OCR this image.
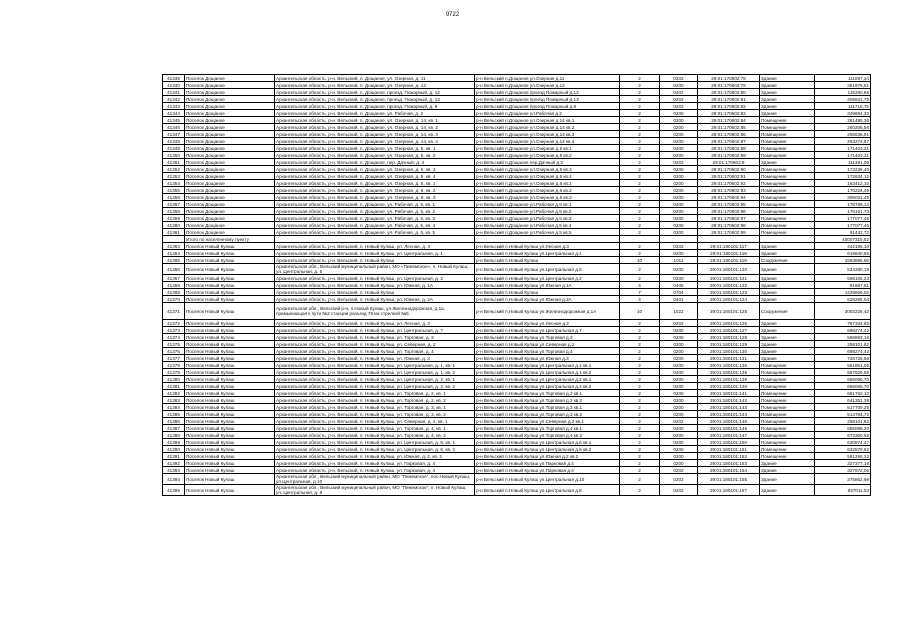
9722
41339	Поселок Дощаное	Архангельская область, р-н. Вельский, п. Дощаное, ул. Озерная, д. 11	р-н Вельский п.Дощаное ул.Озерная д.11	2	0202	29:01:170602:78	Здание	111097,24
41340	Поселок Дощаное	Архангельская область, р-н. Вельский, п. Дощаное, ул. Озерная, д. 12	р-н Вельский п.Дощаное ул.Озерная д.12	2	0200	29:01:170602:79	Здание	351975,51
41341	Поселок Дощаное	Архангельская область, р-н. Вельский, п. Дощаное, проезд. Пожарный, д. 12	р-н Вельский п.Дощаное проезд Пожарный д.12	2	0202	29:01:170602:80	Здание	116280,86
41342	Поселок Дощаное	Архангельская область, р-н. Вельский, п. Дощаное, проезд. Пожарный, д. 13	р-н Вельский п.Дощаное проезд Пожарный д.13	2	0202	29:01:170602:81	Здание	405831,79
41343	Поселок Дощаное	Архангельская область, р-н. Вельский, п. Дощаное, проезд. Пожарный, д. 8	р-н Вельский п.Дощаное проезд Пожарный д.8	2	0202	29:01:170602:82	Здание	111715,75
41344	Поселок Дощаное	Архангельская область, р-н. Вельский, п. Дощаное, ул. Рабочая, д. 2	р-н Вельский п.Дощаное ул.Рабочая д.2	2	0200	29:01:170602:83	Здание	349694,33
41345	Поселок Дощаное	Архангельская область, р-н. Вельский, п. Дощаное, ул. Озерная, д. 14, кв. 1	р-н Вельский п.Дощаное ул.Озерная д.14 кв.1	2	0200	29:01:170602:84	Помещение	261495,36
41346	Поселок Дощаное	Архангельская область, р-н. Вельский, п. Дощаное, ул. Озерная, д. 14, кв. 2	р-н Вельский п.Дощаное ул.Озерная д.14 кв.2	2	0200	29:01:170602:85	Помещение	260206,56
41347	Поселок Дощаное	Архангельская область, р-н. Вельский, п. Дощаное, ул. Озерная, д. 14, кв. 3	р-н Вельский п.Дощаное ул.Озерная д.14 кв.3	2	0200	29:01:170602:86	Помещение	265636,91
41348	Поселок Дощаное	Архангельская область, р-н. Вельский, п. Дощаное, ул. Озерная, д. 14, кв. 4	р-н Вельский п.Дощаное ул.Озерная д.14 кв.4	2	0200	29:01:170602:87	Помещение	263273,67
41349	Поселок Дощаное	Архангельская область, р-н. Вельский, п. Дощаное, ул. Озерная, д. 5, кв. 1	р-н Вельский п.Дощаное ул.Озерная д.5 кв.1	2	0200	29:01:170602:88	Помещение	171403,31
41350	Поселок Дощаное	Архангельская область, р-н. Вельский, п. Дощаное, ул. Озерная, д. 5, кв. 2	р-н Вельский п.Дощаное ул.Озерная д.5 кв.2	2	0200	29:01:170602:89	Помещение	171403,31
41351	Поселок Дощаное	Архангельская область, р-н. Вельский, п. Дощаное, пер. Дачный, д. 3	р-н Вельский п.Дощаное пер.Дачный д.3	2	0202	29:01:170602:9	Здание	111391,09
41352	Поселок Дощаное	Архангельская область, р-н. Вельский, п. Дощаное, ул. Озерная, д. 5, кв. 3	р-н Вельский п.Дощаное ул.Озерная д.5 кв.3	2	0200	29:01:170602:90	Помещение	173236,40
41353	Поселок Дощаное	Архангельская область, р-н. Вельский, п. Дощаное, ул. Озерная, д. 5, кв. 4	р-н Вельский п.Дощаное ул.Озерная д.5 кв.4	2	0200	29:01:170602:91	Помещение	172634,12
41354	Поселок Дощаное	Архангельская область, р-н. Вельский, п. Дощаное, ул. Озерная, д. 6, кв. 1	р-н Вельский п.Дощаное ул.Озерная д.6 кв.1	2	0200	29:01:170602:92	Помещение	163412,10
41355	Поселок Дощаное	Архангельская область, р-н. Вельский, п. Дощаное, ул. Озерная, д. 6, кв. 2	р-н Вельский п.Дощаное ул.Озерная д.6 кв.2	2	0200	29:01:170602:93	Помещение	170224,49
41356	Поселок Дощаное	Архангельская область, р-н. Вельский, п. Дощаное, ул. Озерная, д. 6, кв. 3	р-н Вельский п.Дощаное ул.Озерная д.6 кв.3	2	0200	29:01:170602:94	Помещение	305031,45
41357	Поселок Дощаное	Архангельская область, р-н. Вельский, п. Дощаное, ул. Рабочая, д. 5, кв. 1	р-н Вельский п.Дощаное ул.Рабочая д.5 кв.1	2	0200	29:01:170602:95	Помещение	179789,14
41358	Поселок Дощаное	Архангельская область, р-н. Вельский, п. Дощаное, ул. Рабочая, д. 5, кв. 2	р-н Вельский п.Дощаное ул.Рабочая д.5 кв.2	2	0200	29:01:170602:96	Помещение	176161,73
41359	Поселок Дощаное	Архангельская область, р-н. Вельский, п. Дощаное, ул. Рабочая, д. 5, кв. 3	р-н Вельский п.Дощаное ул.Рабочая д.5 кв.3	2	0200	29:01:170602:97	Помещение	177077,46
41360	Поселок Дощаное	Архангельская область, р-н. Вельский, п. Дощаное, ул. Рабочая, д. 5, кв. 4	р-н Вельский п.Дощаное ул.Рабочая д.5 кв.4	2	0200	29:01:170602:98	Помещение	177077,46
41361	Поселок Дощаное	Архангельская область, р-н. Вельский, п. Дощаное, ул. Рабочая, д. 5, кв. 5	р-н Вельский п.Дощаное ул.Рабочая д.5 кв.5	2	0200	29:01:170602:99	Помещение	91442,73
	Итого по населенному пункту							40007315,62
41363	Поселок Новый Кулаш	Архангельская область, р-н. Вельский, п. Новый Кулаш, ул. Лесная, д. 3	р-н Вельский п.Новый Кулаш ул.Лесная д.3	2	0202	29:01:180101:117	Здание	442185,10
41364	Поселок Новый Кулаш	Архангельская область, р-н. Вельский, п. Новый Кулаш, ул. Центральная, д. 1	р-н Вельский п.Новый Кулаш ул.Центральная д.1	2	0200	29:01:180101:118	Здание	619840,55
41365	Поселок Новый Кулаш	Архангельская область, р-н. Вельский, п. Новый Кулаш	р-н Вельский п.Новый Кулаш	10	1011	29:01:180101:119	Сооружение	1563885,66
41366	Поселок Новый Кулаш	Архангельская обл., Вельский муниципальный район, МО «Пежемское», п. Новый Кулаш, ул. Центральная, д. 5	р-н Вельский п.Новый Кулаш ул.Центральная д.5	2	0200	29:01:180101:120	Здание	534280,19
41367	Поселок Новый Кулаш	Архангельская область, р-н. Вельский, п. Новый Кулаш, ул. Центральная, д. 2	р-н Вельский п.Новый Кулаш ул.Центральная д.2	2	0200	29:01:180101:121	Здание	596105,23
41368	Поселок Новый Кулаш	Архангельская область, р-н. Вельский, п. Новый Кулаш, ул. Южная, д. 1А	р-н Вельский п.Новый Кулаш ул.Южная д.1А	4	0405	29:01:180101:122	Здание	81687,81
41369	Поселок Новый Кулаш	Архангельская область, р-н. Вельский, п. Новый Кулаш	р-н Вельский п.Новый Кулаш	7	0704	29:01:180101:123	Здание	1429669,02
41370	Поселок Новый Кулаш	Архангельская область, р-н. Вельский, п. Новый Кулаш, ул. Южная, д. 2А	р-н Вельский п.Новый Кулаш ул.Южная д.2А	4	0401	29:01:180101:124	Здание	628285,04
41371	Поселок Новый Кулаш	Архангельская обл., Вельский р-н, п.Новый Кулаш, ул.Железнодорожная, д.1а, примыкающая к пути №2 станции разъезд 78 км стрелкой №5	р-н Вельский п.Новый Кулаш ул.Железнодорожная д.1А	10	1022	29:01:180101:125	Сооружение	3003225,42
41372	Поселок Новый Кулаш	Архангельская область, р-н. Вельский, п. Новый Кулаш, ул. Лесная, д. 2	р-н Вельский п.Новый Кулаш ул.Лесная д.2	2	0202	29:01:180101:126	Здание	767334,85
41373	Поселок Новый Кулаш	Архангельская область, р-н. Вельский, п. Новый Кулаш, ул. Центральная, д. 7	р-н Вельский п.Новый Кулаш ул.Центральная д.7	2	0200	29:01:180101:127	Здание	698274,42
41374	Поселок Новый Кулаш	Архангельская область, р-н. Вельский, п. Новый Кулаш, ул. Торговая, д. 3	р-н Вельский п.Новый Кулаш ул.Торговая д.3	2	0200	29:01:180101:128	Здание	566893,16
41375	Поселок Новый Кулаш	Архангельская область, р-н. Вельский, п. Новый Кулаш, ул. Северная, д. 2	р-н Вельский п.Новый Кулаш ул.Северная д.2	2	0200	29:01:180101:129	Здание	258101,82
41376	Поселок Новый Кулаш	Архангельская область, р-н. Вельский, п. Новый Кулаш, ул. Торговая, д. 4	р-н Вельский п.Новый Кулаш ул.Торговая д.4	2	0200	29:01:180101:130	Здание	698274,42
41377	Поселок Новый Кулаш	Архангельская область, р-н. Вельский, п. Новый Кулаш, ул. Южная, д. 3	р-н Вельский п.Новый Кулаш ул.Южная д.3	2	0200	29:01:180101:131	Здание	726725,56
41378	Поселок Новый Кулаш	Архангельская область, р-н. Вельский, п. Новый Кулаш, ул. Центральная, д. 1, кв. 1	р-н Вельский п.Новый Кулаш ул.Центральная д.1 кв.1	2	0200	29:01:180101:135	Помещение	561851,05
41379	Поселок Новый Кулаш	Архангельская область, р-н. Вельский, п. Новый Кулаш, ул. Центральная, д. 1, кв. 2	р-н Вельский п.Новый Кулаш ул.Центральная д.1 кв.2	2	0200	29:01:180101:136	Помещение	557529,58
41380	Поселок Новый Кулаш	Архангельская область, р-н. Вельский, п. Новый Кулаш, ул. Центральная, д. 2, кв. 1	р-н Вельский п.Новый Кулаш ул.Центральная д.2 кв.1	2	0200	29:01:180101:139	Помещение	656065,70
41381	Поселок Новый Кулаш	Архангельская область, р-н. Вельский, п. Новый Кулаш, ул. Центральная, д. 2, кв. 2	р-н Вельский п.Новый Кулаш ул.Центральная д.2 кв.2	2	0200	29:01:180101:140	Помещение	656065,70
41382	Поселок Новый Кулаш	Архангельская область, р-н. Вельский, п. Новый Кулаш, ул. Торговая, д. 2, кв. 1	р-н Вельский п.Новый Кулаш ул.Торговая д.2 кв.1	2	0200	29:01:180101:141	Помещение	681762,10
41383	Поселок Новый Кулаш	Архангельская область, р-н. Вельский, п. Новый Кулаш, ул. Торговая, д. 2, кв. 2	р-н Вельский п.Новый Кулаш ул.Торговая д.2 кв.2	2	0200	29:01:180101:142	Помещение	641351,38
41384	Поселок Новый Кулаш	Архангельская область, р-н. Вельский, п. Новый Кулаш, ул. Торговая, д. 3, кв. 1	р-н Вельский п.Новый Кулаш ул.Торговая д.3 кв.1	2	0200	29:01:180101:143	Помещение	517709,25
41385	Поселок Новый Кулаш	Архангельская область, р-н. Вельский, п. Новый Кулаш, ул. Торговая, д. 3, кв. 2	р-н Вельский п.Новый Кулаш ул.Торговая д.3 кв.2	2	0200	29:01:180101:144	Помещение	514784,72
41386	Поселок Новый Кулаш	Архангельская область, р-н. Вельский, п. Новый Кулаш, ул. Северная, д. 2, кв. 1	р-н Вельский п.Новый Кулаш ул.Северная д.2 кв.1	2	0202	29:01:180101:145	Помещение	258101,82
41387	Поселок Новый Кулаш	Архангельская область, р-н. Вельский, п. Новый Кулаш, ул. Торговая, д. 4, кв. 1	р-н Вельский п.Новый Кулаш ул.Торговая д.4 кв.1	2	0200	29:01:180101:146	Помещение	655089,20
41388	Поселок Новый Кулаш	Архангельская область, р-н. Вельский, п. Новый Кулаш, ул. Торговая, д. 4, кв. 2	р-н Вельский п.Новый Кулаш ул.Торговая д.4 кв.2	2	0200	29:01:180101:147	Помещение	673350,59
41389	Поселок Новый Кулаш	Архангельская область, р-н. Вельский, п. Новый Кулаш, ул. Центральная, д. 6, кв. 1	р-н Вельский п.Новый Кулаш ул.Центральная д.6 кв.1	2	0200	29:01:180101:150	Помещение	630974,47
41390	Поселок Новый Кулаш	Архангельская область, р-н. Вельский, п. Новый Кулаш, ул. Центральная, д. 6, кв. 2	р-н Вельский п.Новый Кулаш ул.Центральная д.6 кв.2	2	0200	29:01:180101:151	Помещение	632579,62
41391	Поселок Новый Кулаш	Архангельская область, р-н. Вельский, п. Новый Кулаш, ул. Южная, д. 2, кв. 2	р-н Вельский п.Новый Кулаш ул.Южная д.2 кв.2	2	0200	29:01:180101:152	Помещение	581266,23
41392	Поселок Новый Кулаш	Архангельская область, р-н. Вельский, п. Новый Кулаш, ул. Парковая, д. 4	р-н Вельский п.Новый Кулаш ул.Парковая д.4	2	0200	29:01:180101:153	Здание	327377,18
41393	Поселок Новый Кулаш	Архангельская область, р-н. Вельский, п. Новый Кулаш, ул. Парковая, д. 4	р-н Вельский п.Новый Кулаш ул.Парковая д.4	2	0202	29:01:180101:154	Здание	327672,06
41394	Поселок Новый Кулаш	Архангельская обл., Вельский муниципальный район, МО "Пежемское", пос.Новый Кулаш, ул.Центральная, д.10	р-н Вельский п.Новый Кулаш ул.Центральная д.10	2	0202	29:01:180101:155	Здание	375862,98
41395	Поселок Новый Кулаш	Архангельская обл., Вельский муниципальный район, МО "Пежемское", п. Новый Кулаш, ул. Центральная, д. 8	р-н Вельский п.Новый Кулаш ул.Центральная д.8	2	0202	29:01:180101:157	Здание	837011,53
